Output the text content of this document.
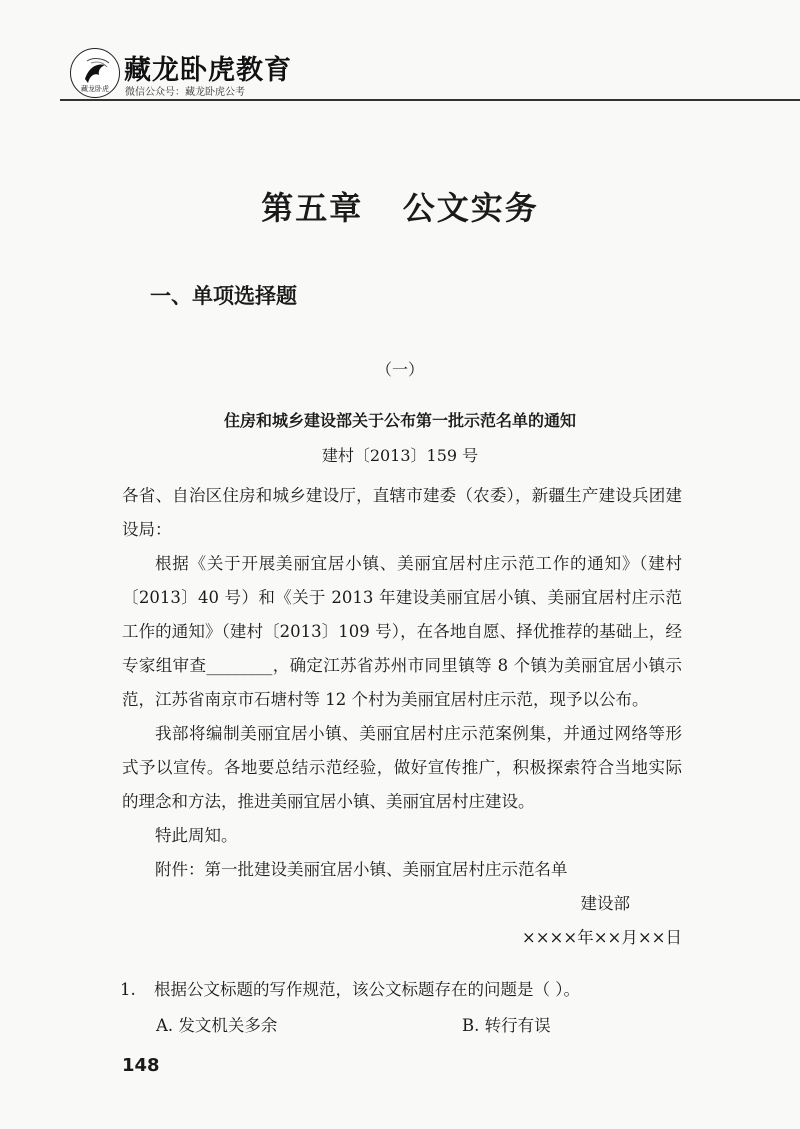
藏龙卧虎
藏龙卧虎教育
微信公众号：藏龙卧虎公考
第五章   公文实务
一、单项选择题
（一）
住房和城乡建设部关于公布第一批示范名单的通知
建村〔2013〕159 号

各省、自治区住房和城乡建设厅，直辖市建委（农委），新疆生产建设兵团建设局：

根据《关于开展美丽宜居小镇、美丽宜居村庄示范工作的通知》（建村〔2013〕40 号）和《关于 2013 年建设美丽宜居小镇、美丽宜居村庄示范工作的通知》（建村〔2013〕109 号），在各地自愿、择优推荐的基础上，经专家组审查________，确定江苏省苏州市同里镇等 8 个镇为美丽宜居小镇示范，江苏省南京市石塘村等 12 个村为美丽宜居村庄示范，现予以公布。

我部将编制美丽宜居小镇、美丽宜居村庄示范案例集，并通过网络等形式予以宣传。各地要总结示范经验，做好宣传推广，积极探索符合当地实际的理念和方法，推进美丽宜居小镇、美丽宜居村庄建设。

特此周知。

附件：第一批建设美丽宜居小镇、美丽宜居村庄示范名单

建设部

××××年××月××日

1. 根据公文标题的写作规范，该公文标题存在的问题是（ ）。
A. 发文机关多余	B. 转行有误
148
